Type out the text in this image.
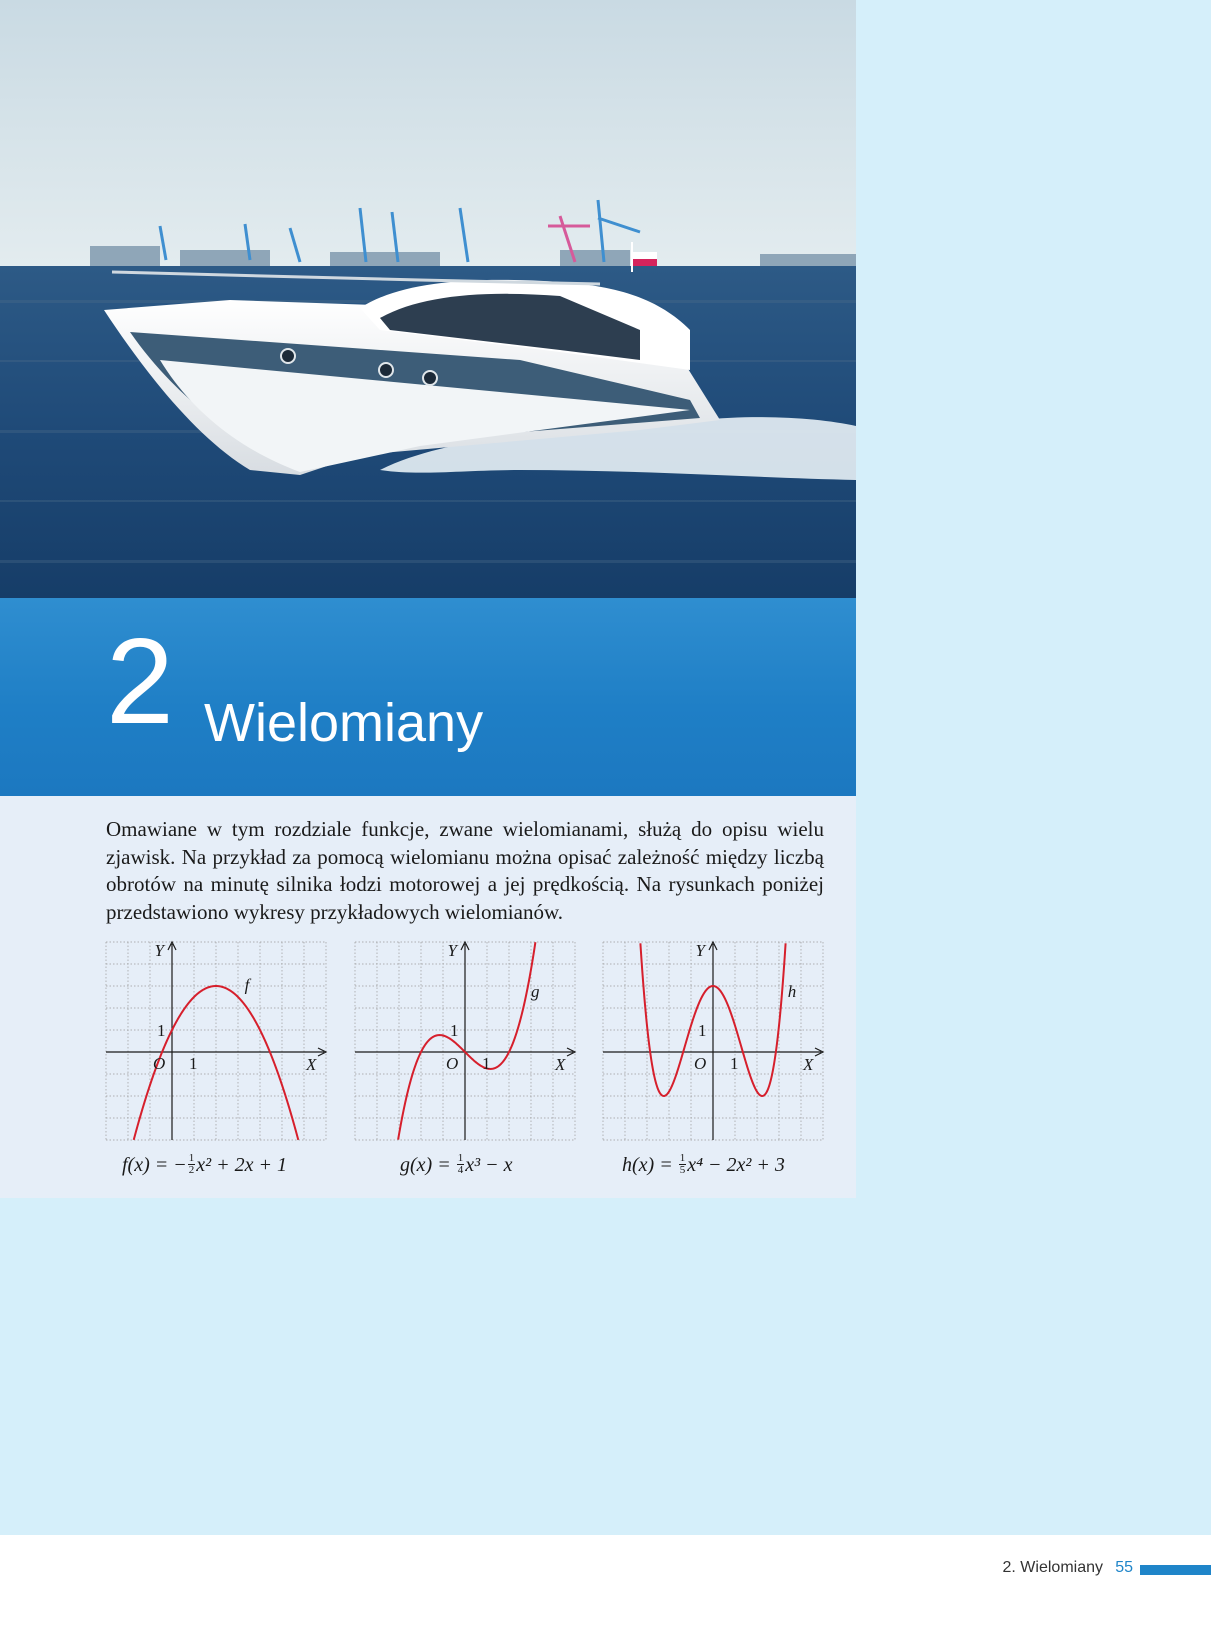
2 Wielomiany

Omawiane w tym rozdziale funkcje, zwane wielomianami, służą do opisu wielu zjawisk. Na przykład za pomocą wielomianu można opisać zależność między liczbą obrotów na minutę silnika łodzi motorowej a jej prędkością. Na rysunkach poniżej przedstawiono wykresy przykładowych wielomianów.

Y
X
O 1
1
f
f(x) = − $\frac{1}{2} x^2 + 2x + 1$
Y
X
O 1
1
g
$g(x) = \frac{1}{4} x^3 - x$
Y
X
O 1
1
h
$h(x) = \frac{1}{5} x^4 - 2x^2 + 3$
2. Wielomiany 55
